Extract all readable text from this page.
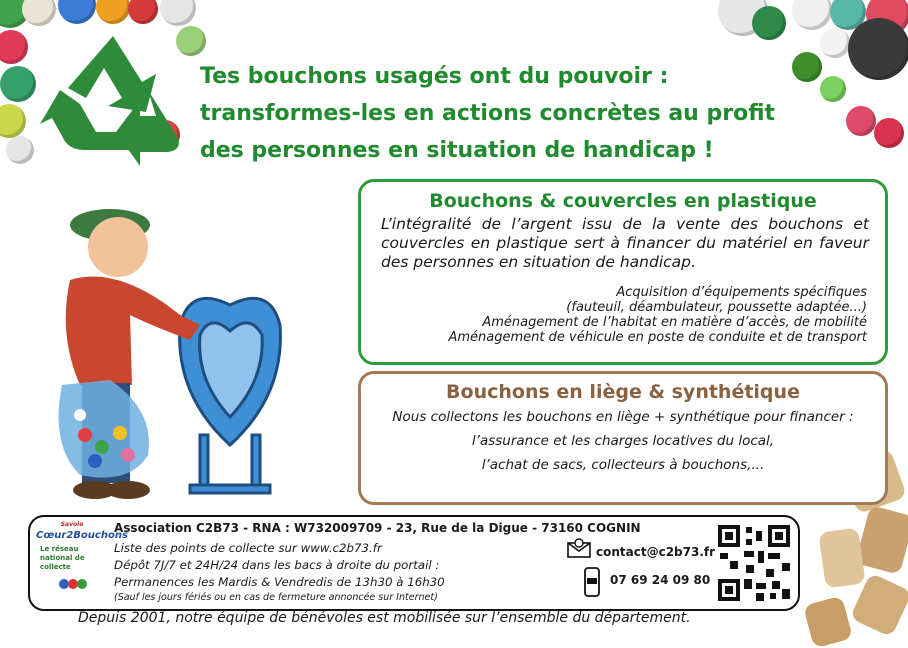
Tes bouchons usagés ont du pouvoir :
transformes-les en actions concrètes au profit
des personnes en situation de handicap !
Bouchons & couvercles en plastique
L’intégralité de l’argent issu de la vente des bouchons et couvercles en plastique sert à financer du matériel en faveur des personnes en situation de handicap.
Acquisition d’équipements spécifiques
(fauteuil, déambulateur, poussette adaptée...)
Aménagement de l’habitat en matière d’accès, de mobilité
Aménagement de véhicule en poste de conduite et de transport
Bouchons en liège & synthétique
Nous collectons les bouchons en liège + synthétique pour financer :
l’assurance et les charges locatives du local,
l’achat de sacs, collecteurs à bouchons,...
Savoie
Cœur2Bouchons
Le réseau national de collecte
Association C2B73 - RNA : W732009709 - 23, Rue de la Digue - 73160 COGNIN
Liste des points de collecte sur www.c2b73.fr
Dépôt 7J/7 et 24H/24 dans les bacs à droite du portail :
Permanences les Mardis & Vendredis de 13h30 à 16h30
(Sauf les jours fériés ou en cas de fermeture annoncée sur Internet)
contact@c2b73.fr
07 69 24 09 80
Depuis 2001, notre équipe de bénévoles est mobilisée sur l’ensemble du département.
